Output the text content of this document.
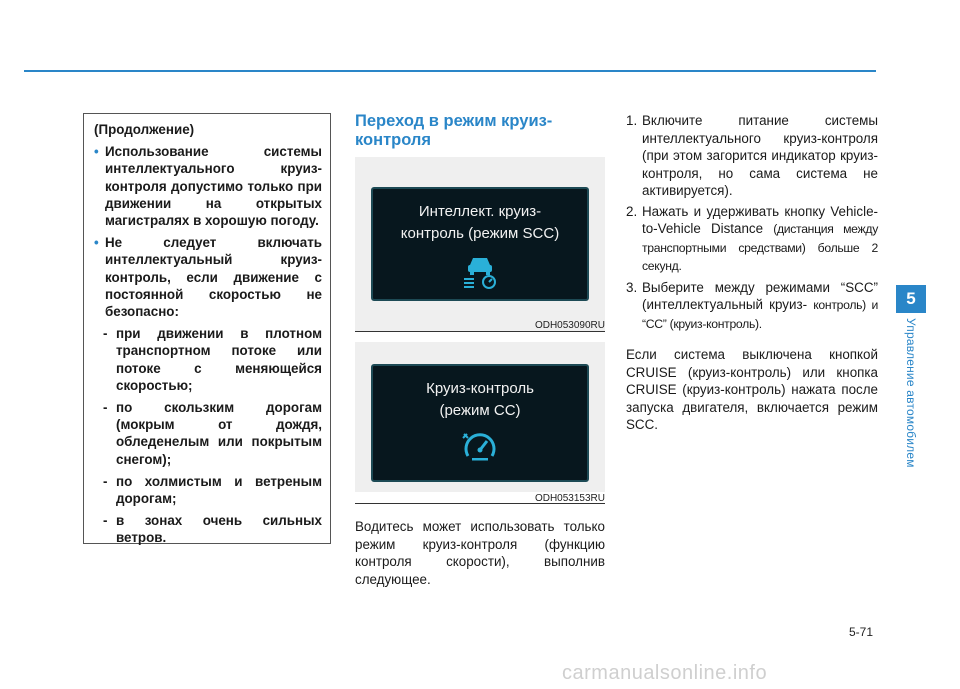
(Продолжение)
• Использование системы интеллектуального круиз-контроля допустимо только при движении на открытых магистралях в хорошую погоду.
• Не следует включать интеллектуальный круиз-контроль, если движение с постоянной скоростью не безопасно:
- при движении в плотном транспортном потоке или потоке с меняющейся скоростью;
- по скользким дорогам (мокрым от дождя, обледенелым или покрытым снегом);
- по холмистым и ветреным дорогам;
- в зонах очень сильных ветров.
Переход в режим круиз-
контроля
Интеллект. круиз-
контроль (режим SCC)
ODH053090RU
Круиз-контроль
(режим CC)
ODH053153RU
Водитесь может использовать только режим круиз-контроля (функцию контроля скорости), выполнив следующее.
1. Включите питание системы интеллектуального круиз-контроля (при этом загорится индикатор круиз-контроля, но сама система не активируется).
2. Нажать и удерживать кнопку Vehicle-to-Vehicle Distance (дистанция между транспортными средствами) больше 2 секунд.
3. Выберите между режимами “SCC” (интеллектуальный круиз- контроль) и “CC” (круиз-контроль).
Если система выключена кнопкой CRUISE (круиз-контроль) или кнопка CRUISE (круиз-контроль) нажата после запуска двигателя, включается режим SCC.
5
Управление автомобилем
5-71
carmanualsonline.info
